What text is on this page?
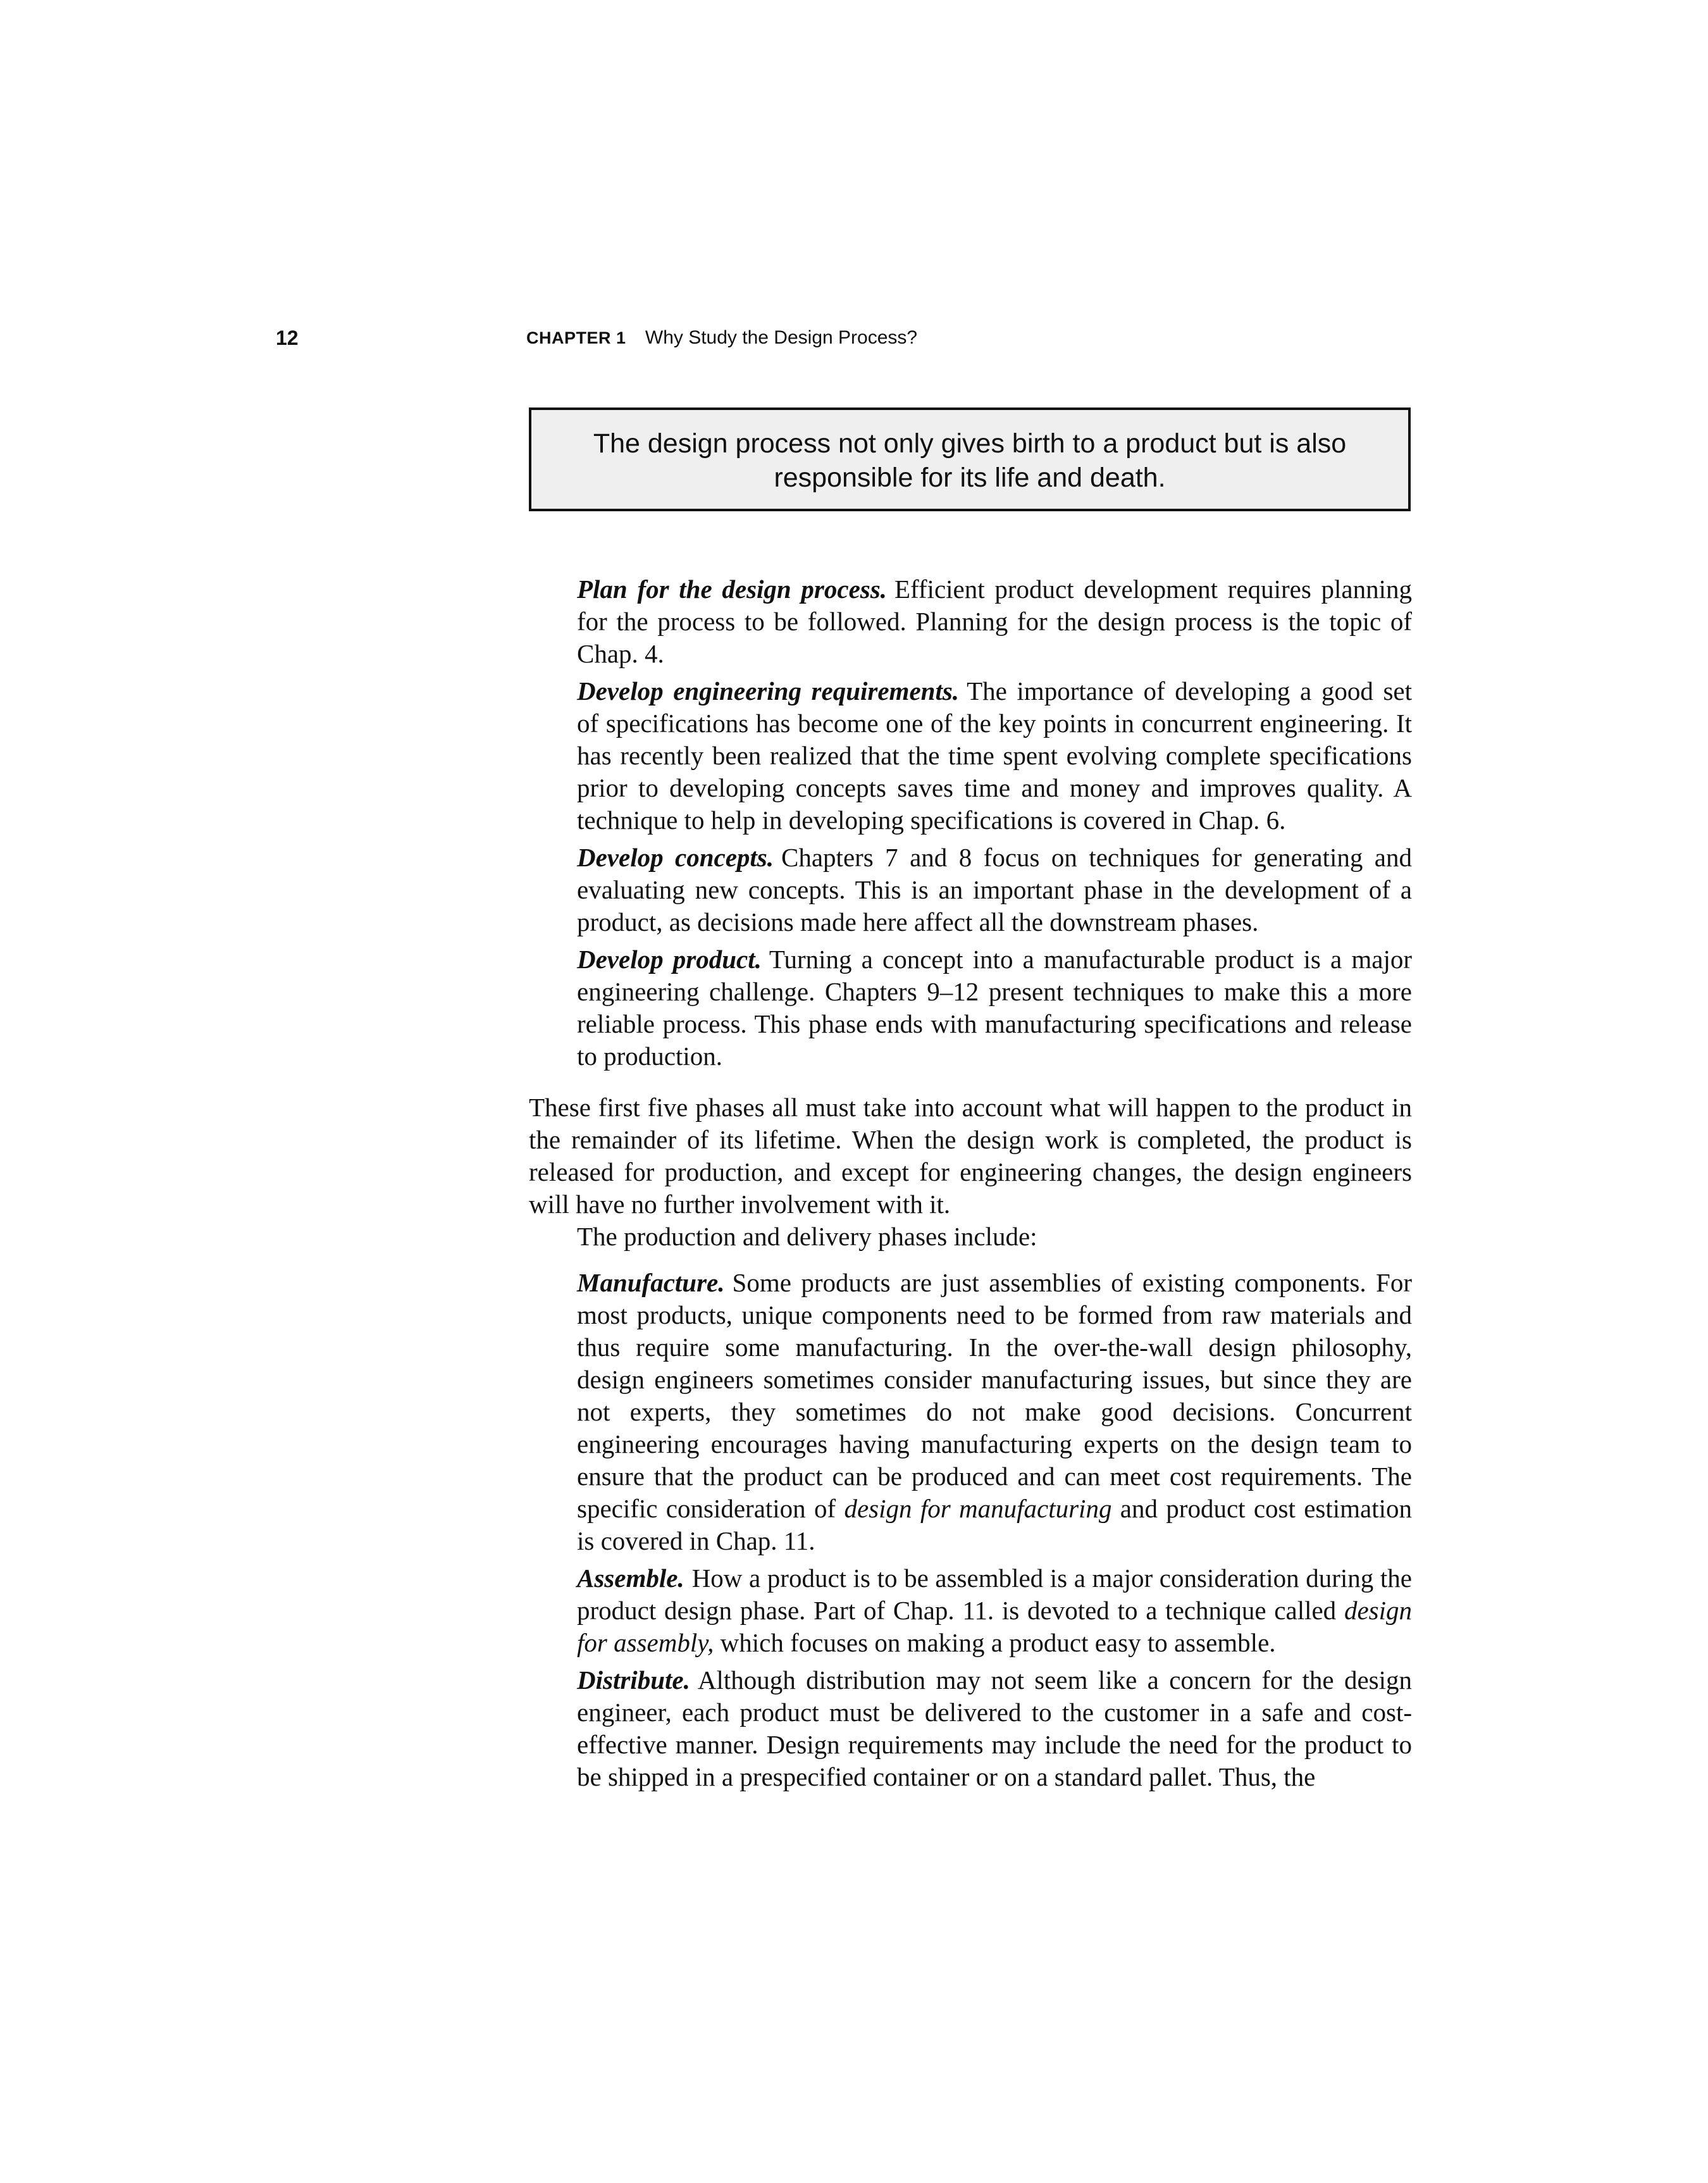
12	CHAPTER 1 Why Study the Design Process?
The design process not only gives birth to a product but is also responsible for its life and death.

Plan for the design process. Efficient product development requires planning for the process to be followed. Planning for the design process is the topic of Chap. 4.

Develop engineering requirements. The importance of developing a good set of specifications has become one of the key points in concurrent engineering. It has recently been realized that the time spent evolving complete specifications prior to developing concepts saves time and money and improves quality. A technique to help in developing specifications is covered in Chap. 6.

Develop concepts. Chapters 7 and 8 focus on techniques for generating and evaluating new concepts. This is an important phase in the development of a product, as decisions made here affect all the downstream phases.

Develop product. Turning a concept into a manufacturable product is a major engineering challenge. Chapters 9–12 present techniques to make this a more reliable process. This phase ends with manufacturing specifications and release to production.

These first five phases all must take into account what will happen to the product in the remainder of its lifetime. When the design work is completed, the product is released for production, and except for engineering changes, the design engineers will have no further involvement with it.

The production and delivery phases include:

Manufacture. Some products are just assemblies of existing components. For most products, unique components need to be formed from raw materials and thus require some manufacturing. In the over-the-wall design philosophy, design engineers sometimes consider manufacturing issues, but since they are not experts, they sometimes do not make good decisions. Concurrent engineering encourages having manufacturing experts on the design team to ensure that the product can be produced and can meet cost requirements. The specific consideration of design for manufacturing and product cost estimation is covered in Chap. 11.

Assemble. How a product is to be assembled is a major consideration during the product design phase. Part of Chap. 11. is devoted to a technique called design for assembly, which focuses on making a product easy to assemble.

Distribute. Although distribution may not seem like a concern for the design engineer, each product must be delivered to the customer in a safe and cost-effective manner. Design requirements may include the need for the product to be shipped in a prespecified container or on a standard pallet. Thus, the
